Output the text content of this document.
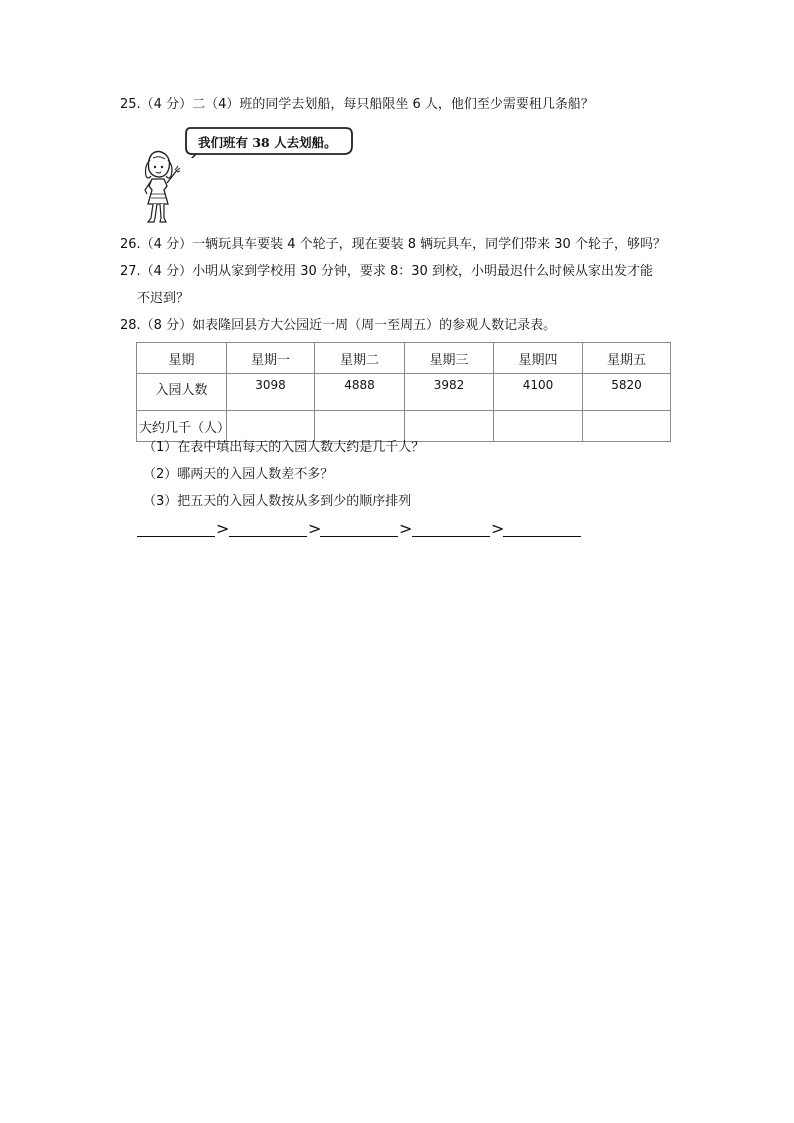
25.（4 分）二（4）班的同学去划船，每只船限坐 6 人，他们至少需要租几条船？
我们班有 38 人去划船。
26.（4 分）一辆玩具车要装 4 个轮子，现在要装 8 辆玩具车，同学们带来 30 个轮子，够吗？
27.（4 分）小明从家到学校用 30 分钟，要求 8：30 到校，小明最迟什么时候从家出发才能
不迟到？
28.（8 分）如表隆回县方大公园近一周（周一至周五）的参观人数记录表。
星期	星期一	星期二	星期三	星期四	星期五
入园人数	3098	4888	3982	4100	5820
大约几千（人）					
（1）在表中填出每天的入园人数大约是几千人？
（2）哪两天的入园人数差不多？
（3）把五天的入园人数按从多到少的顺序排列
>	>	>	>
